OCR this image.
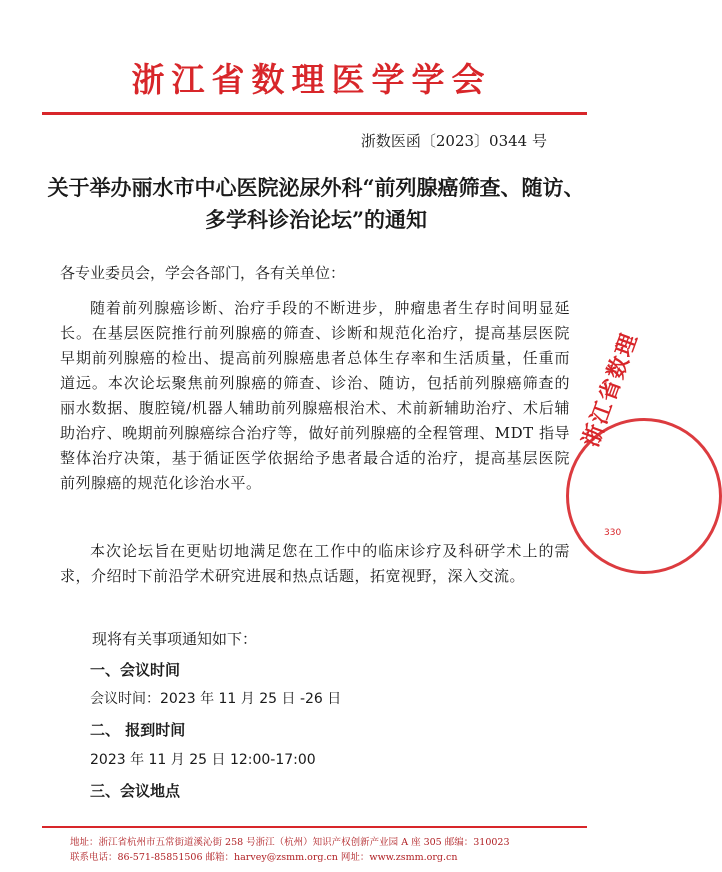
浙江省数理医学学会
浙数医函〔2023〕0344 号
关于举办丽水市中心医院泌尿外科“前列腺癌筛查、随访、多学科诊治论坛”的通知
各专业委员会，学会各部门，各有关单位：
随着前列腺癌诊断、治疗手段的不断进步，肿瘤患者生存时间明显延长。在基层医院推行前列腺癌的筛查、诊断和规范化治疗，提高基层医院早期前列腺癌的检出、提高前列腺癌患者总体生存率和生活质量，任重而道远。本次论坛聚焦前列腺癌的筛查、诊治、随访，包括前列腺癌筛查的丽水数据、腹腔镜/机器人辅助前列腺癌根治术、术前新辅助治疗、术后辅助治疗、晚期前列腺癌综合治疗等，做好前列腺癌的全程管理、MDT 指导整体治疗决策，基于循证医学依据给予患者最合适的治疗，提高基层医院前列腺癌的规范化诊治水平。
本次论坛旨在更贴切地满足您在工作中的临床诊疗及科研学术上的需求，介绍时下前沿学术研究进展和热点话题，拓宽视野，深入交流。
现将有关事项通知如下：
一、会议时间
会议时间：2023 年 11 月 25 日 -26 日
二、 报到时间
2023 年 11 月 25 日 12:00-17:00
三、会议地点
浙江省数理
330
地址：浙江省杭州市五常街道溪沁街 258 号浙江（杭州）知识产权创新产业园 A 座 305 邮编：310023
联系电话：86-571-85851506 邮箱：harvey@zsmm.org.cn 网址：www.zsmm.org.cn
